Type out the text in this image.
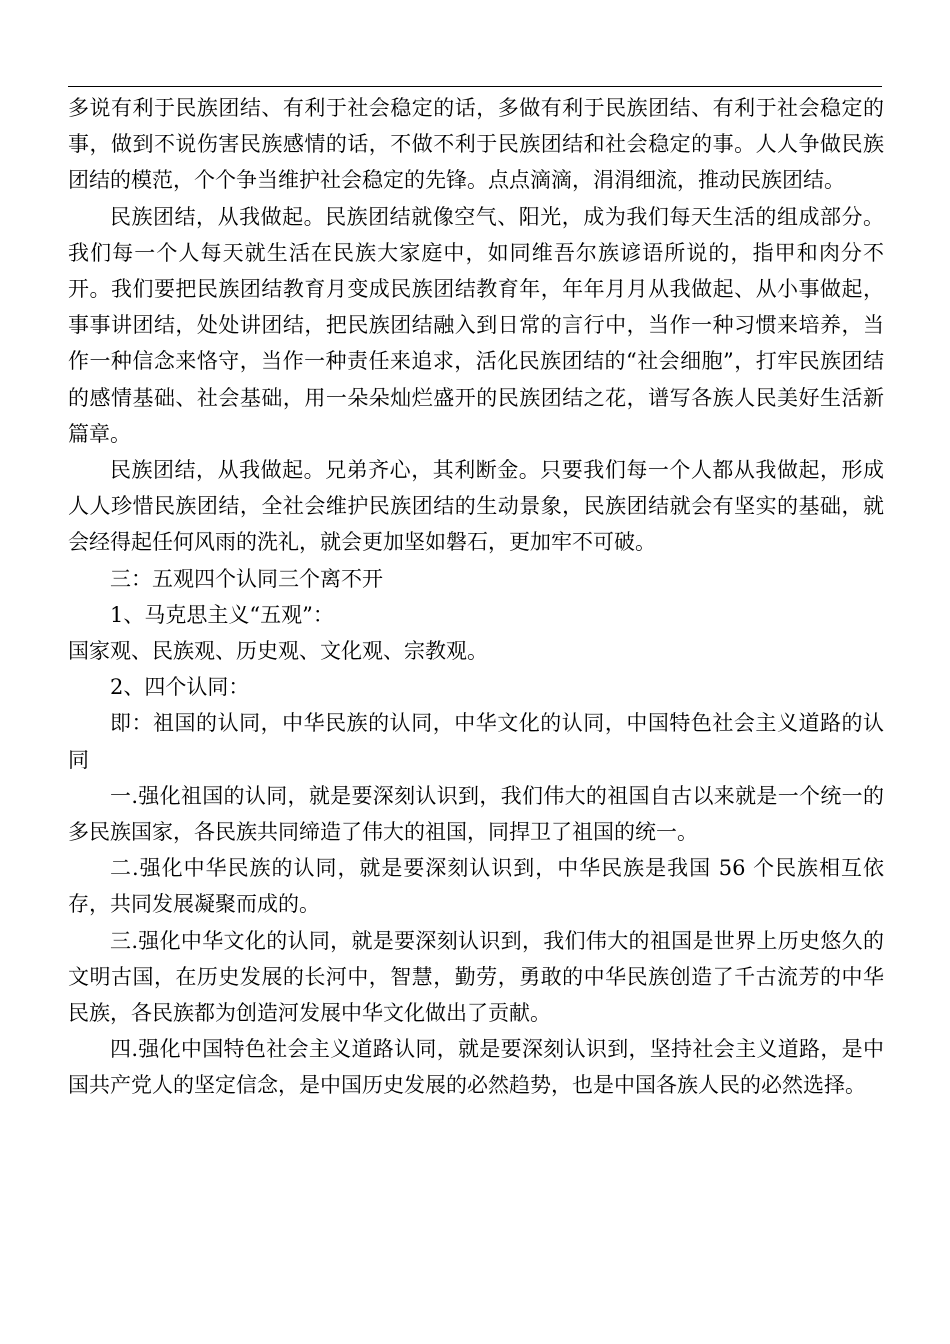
多说有利于民族团结、有利于社会稳定的话，多做有利于民族团结、有利于社会稳定的事，做到不说伤害民族感情的话，不做不利于民族团结和社会稳定的事。人人争做民族团结的模范，个个争当维护社会稳定的先锋。点点滴滴，涓涓细流，推动民族团结。

民族团结，从我做起。民族团结就像空气、阳光，成为我们每天生活的组成部分。我们每一个人每天就生活在民族大家庭中，如同维吾尔族谚语所说的，指甲和肉分不开。我们要把民族团结教育月变成民族团结教育年，年年月月从我做起、从小事做起，事事讲团结，处处讲团结，把民族团结融入到日常的言行中，当作一种习惯来培养，当作一种信念来恪守，当作一种责任来追求，活化民族团结的“社会细胞”，打牢民族团结的感情基础、社会基础，用一朵朵灿烂盛开的民族团结之花，谱写各族人民美好生活新篇章。

民族团结，从我做起。兄弟齐心，其利断金。只要我们每一个人都从我做起，形成人人珍惜民族团结，全社会维护民族团结的生动景象，民族团结就会有坚实的基础，就会经得起任何风雨的洗礼，就会更加坚如磐石，更加牢不可破。

三：五观四个认同三个离不开

1、马克思主义“五观”：

国家观、民族观、历史观、文化观、宗教观。

2、四个认同：

即：祖国的认同，中华民族的认同，中华文化的认同，中国特色社会主义道路的认同

一.强化祖国的认同，就是要深刻认识到，我们伟大的祖国自古以来就是一个统一的多民族国家，各民族共同缔造了伟大的祖国，同捍卫了祖国的统一。

二.强化中华民族的认同，就是要深刻认识到，中华民族是我国 56 个民族相互依存，共同发展凝聚而成的。

三.强化中华文化的认同，就是要深刻认识到，我们伟大的祖国是世界上历史悠久的文明古国，在历史发展的长河中，智慧，勤劳，勇敢的中华民族创造了千古流芳的中华民族，各民族都为创造河发展中华文化做出了贡献。

四.强化中国特色社会主义道路认同，就是要深刻认识到，坚持社会主义道路，是中国共产党人的坚定信念，是中国历史发展的必然趋势，也是中国各族人民的必然选择。
